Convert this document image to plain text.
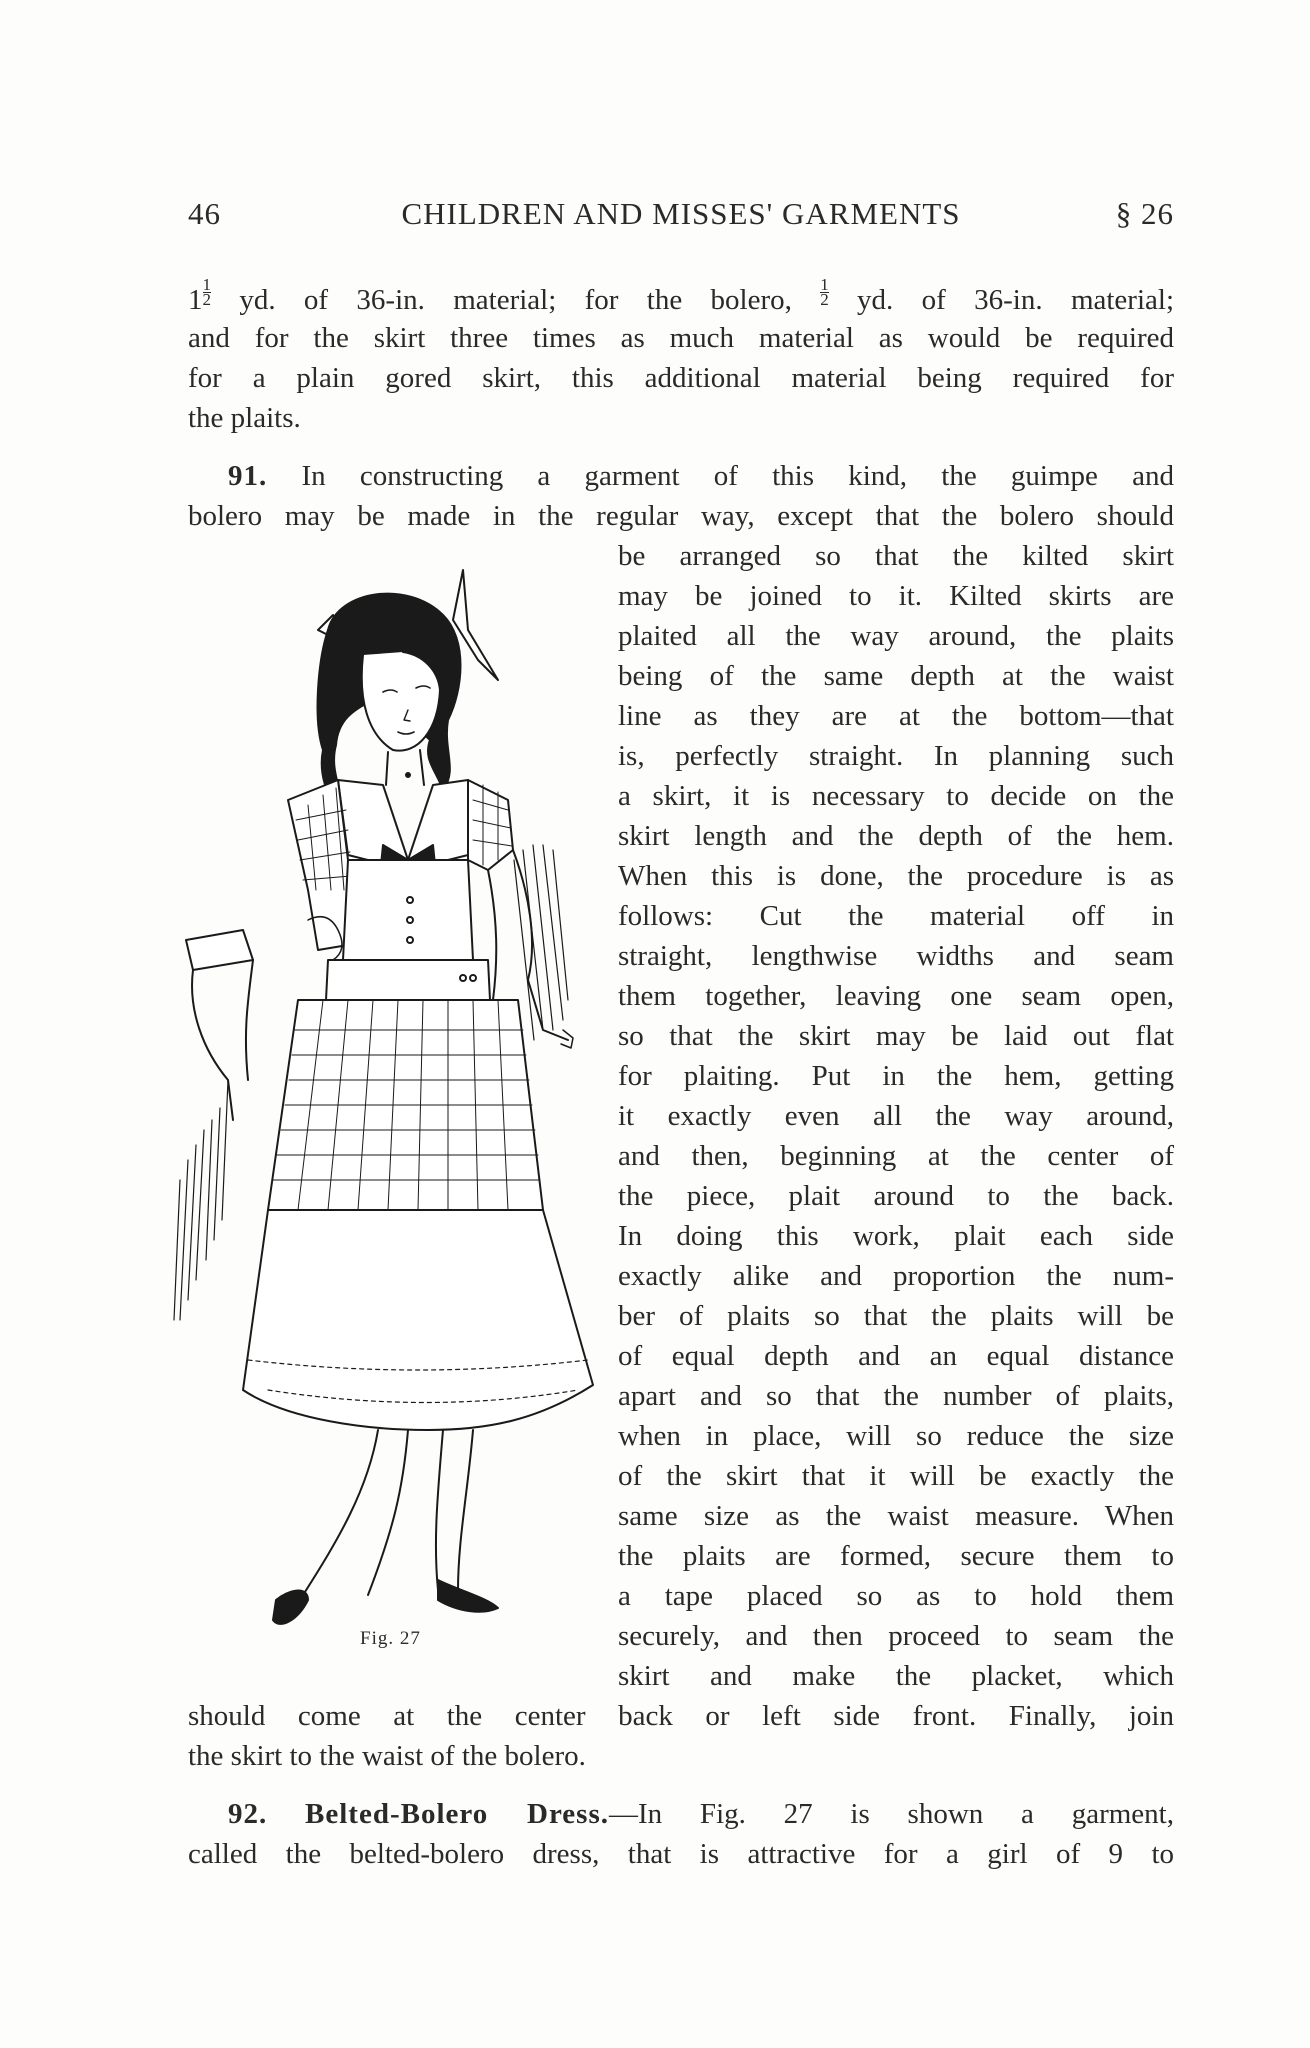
46	CHILDREN AND MISSES' GARMENTS	§ 26
$1 \frac{1}{2}$ yd. of 36-in. material; for the bolero, $\frac{1}{2}$ yd. of 36-in. material;
and for the skirt three times as much material as would be required
for a plain gored skirt, this additional material being required for
the plaits.
91. In constructing a garment of this kind, the guimpe and
bolero may be made in the regular way, except that the bolero should
be arranged so that the kilted skirt
may be joined to it. Kilted skirts are
plaited all the way around, the plaits
being of the same depth at the waist
line as they are at the bottom—that
is, perfectly straight. In planning such
a skirt, it is necessary to decide on the
skirt length and the depth of the hem.
When this is done, the procedure is as
follows: Cut the material off in
straight, lengthwise widths and seam
them together, leaving one seam open,
so that the skirt may be laid out flat
for plaiting. Put in the hem, getting
it exactly even all the way around,
and then, beginning at the center of
the piece, plait around to the back.
In doing this work, plait each side
exactly alike and proportion the num-
ber of plaits so that the plaits will be
of equal depth and an equal distance
apart and so that the number of plaits,
when in place, will so reduce the size
of the skirt that it will be exactly the
same size as the waist measure. When
the plaits are formed, secure them to
a tape placed so as to hold them
securely, and then proceed to seam the
skirt and make the placket, which
should come at the center back or left side front. Finally, join
the skirt to the waist of the bolero.
92. Belted-Bolero Dress.—In Fig. 27 is shown a garment,
called the belted-bolero dress, that is attractive for a girl of 9 to
Fig. 27
